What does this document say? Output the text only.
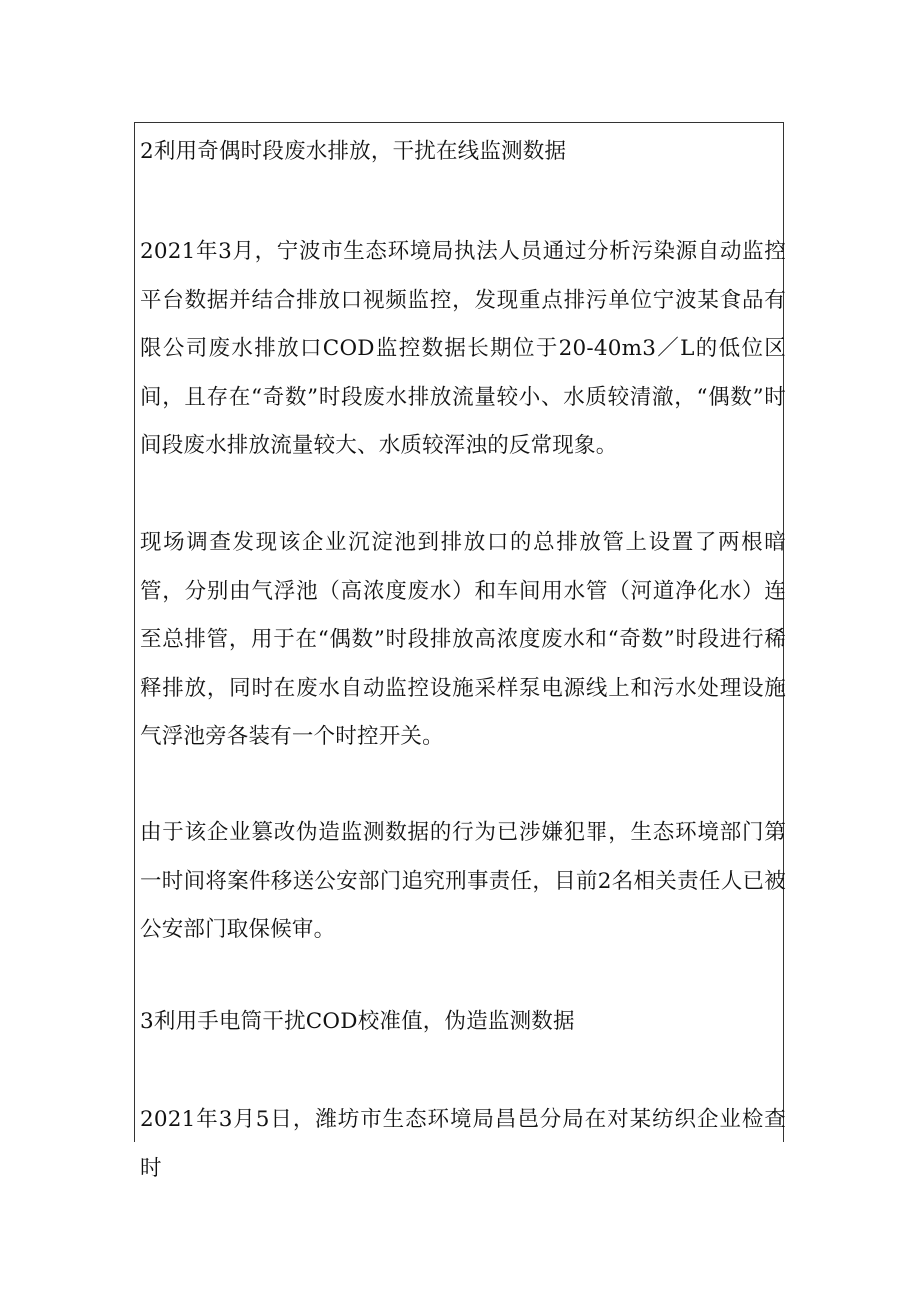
2利用奇偶时段废水排放，干扰在线监测数据

2021年3月，宁波市生态环境局执法人员通过分析污染源自动监控平台数据并结合排放口视频监控，发现重点排污单位宁波某食品有限公司废水排放口COD监控数据长期位于20-40m3／L的低位区间，且存在“奇数”时段废水排放流量较小、水质较清澈，“偶数”时间段废水排放流量较大、水质较浑浊的反常现象。

现场调查发现该企业沉淀池到排放口的总排放管上设置了两根暗管，分别由气浮池（高浓度废水）和车间用水管（河道净化水）连至总排管，用于在“偶数”时段排放高浓度废水和“奇数”时段进行稀释排放，同时在废水自动监控设施采样泵电源线上和污水处理设施气浮池旁各装有一个时控开关。

由于该企业篡改伪造监测数据的行为已涉嫌犯罪，生态环境部门第一时间将案件移送公安部门追究刑事责任，目前2名相关责任人已被公安部门取保候审。

3利用手电筒干扰COD校准值，伪造监测数据

2021年3月5日，潍坊市生态环境局昌邑分局在对某纺织企业检查时
